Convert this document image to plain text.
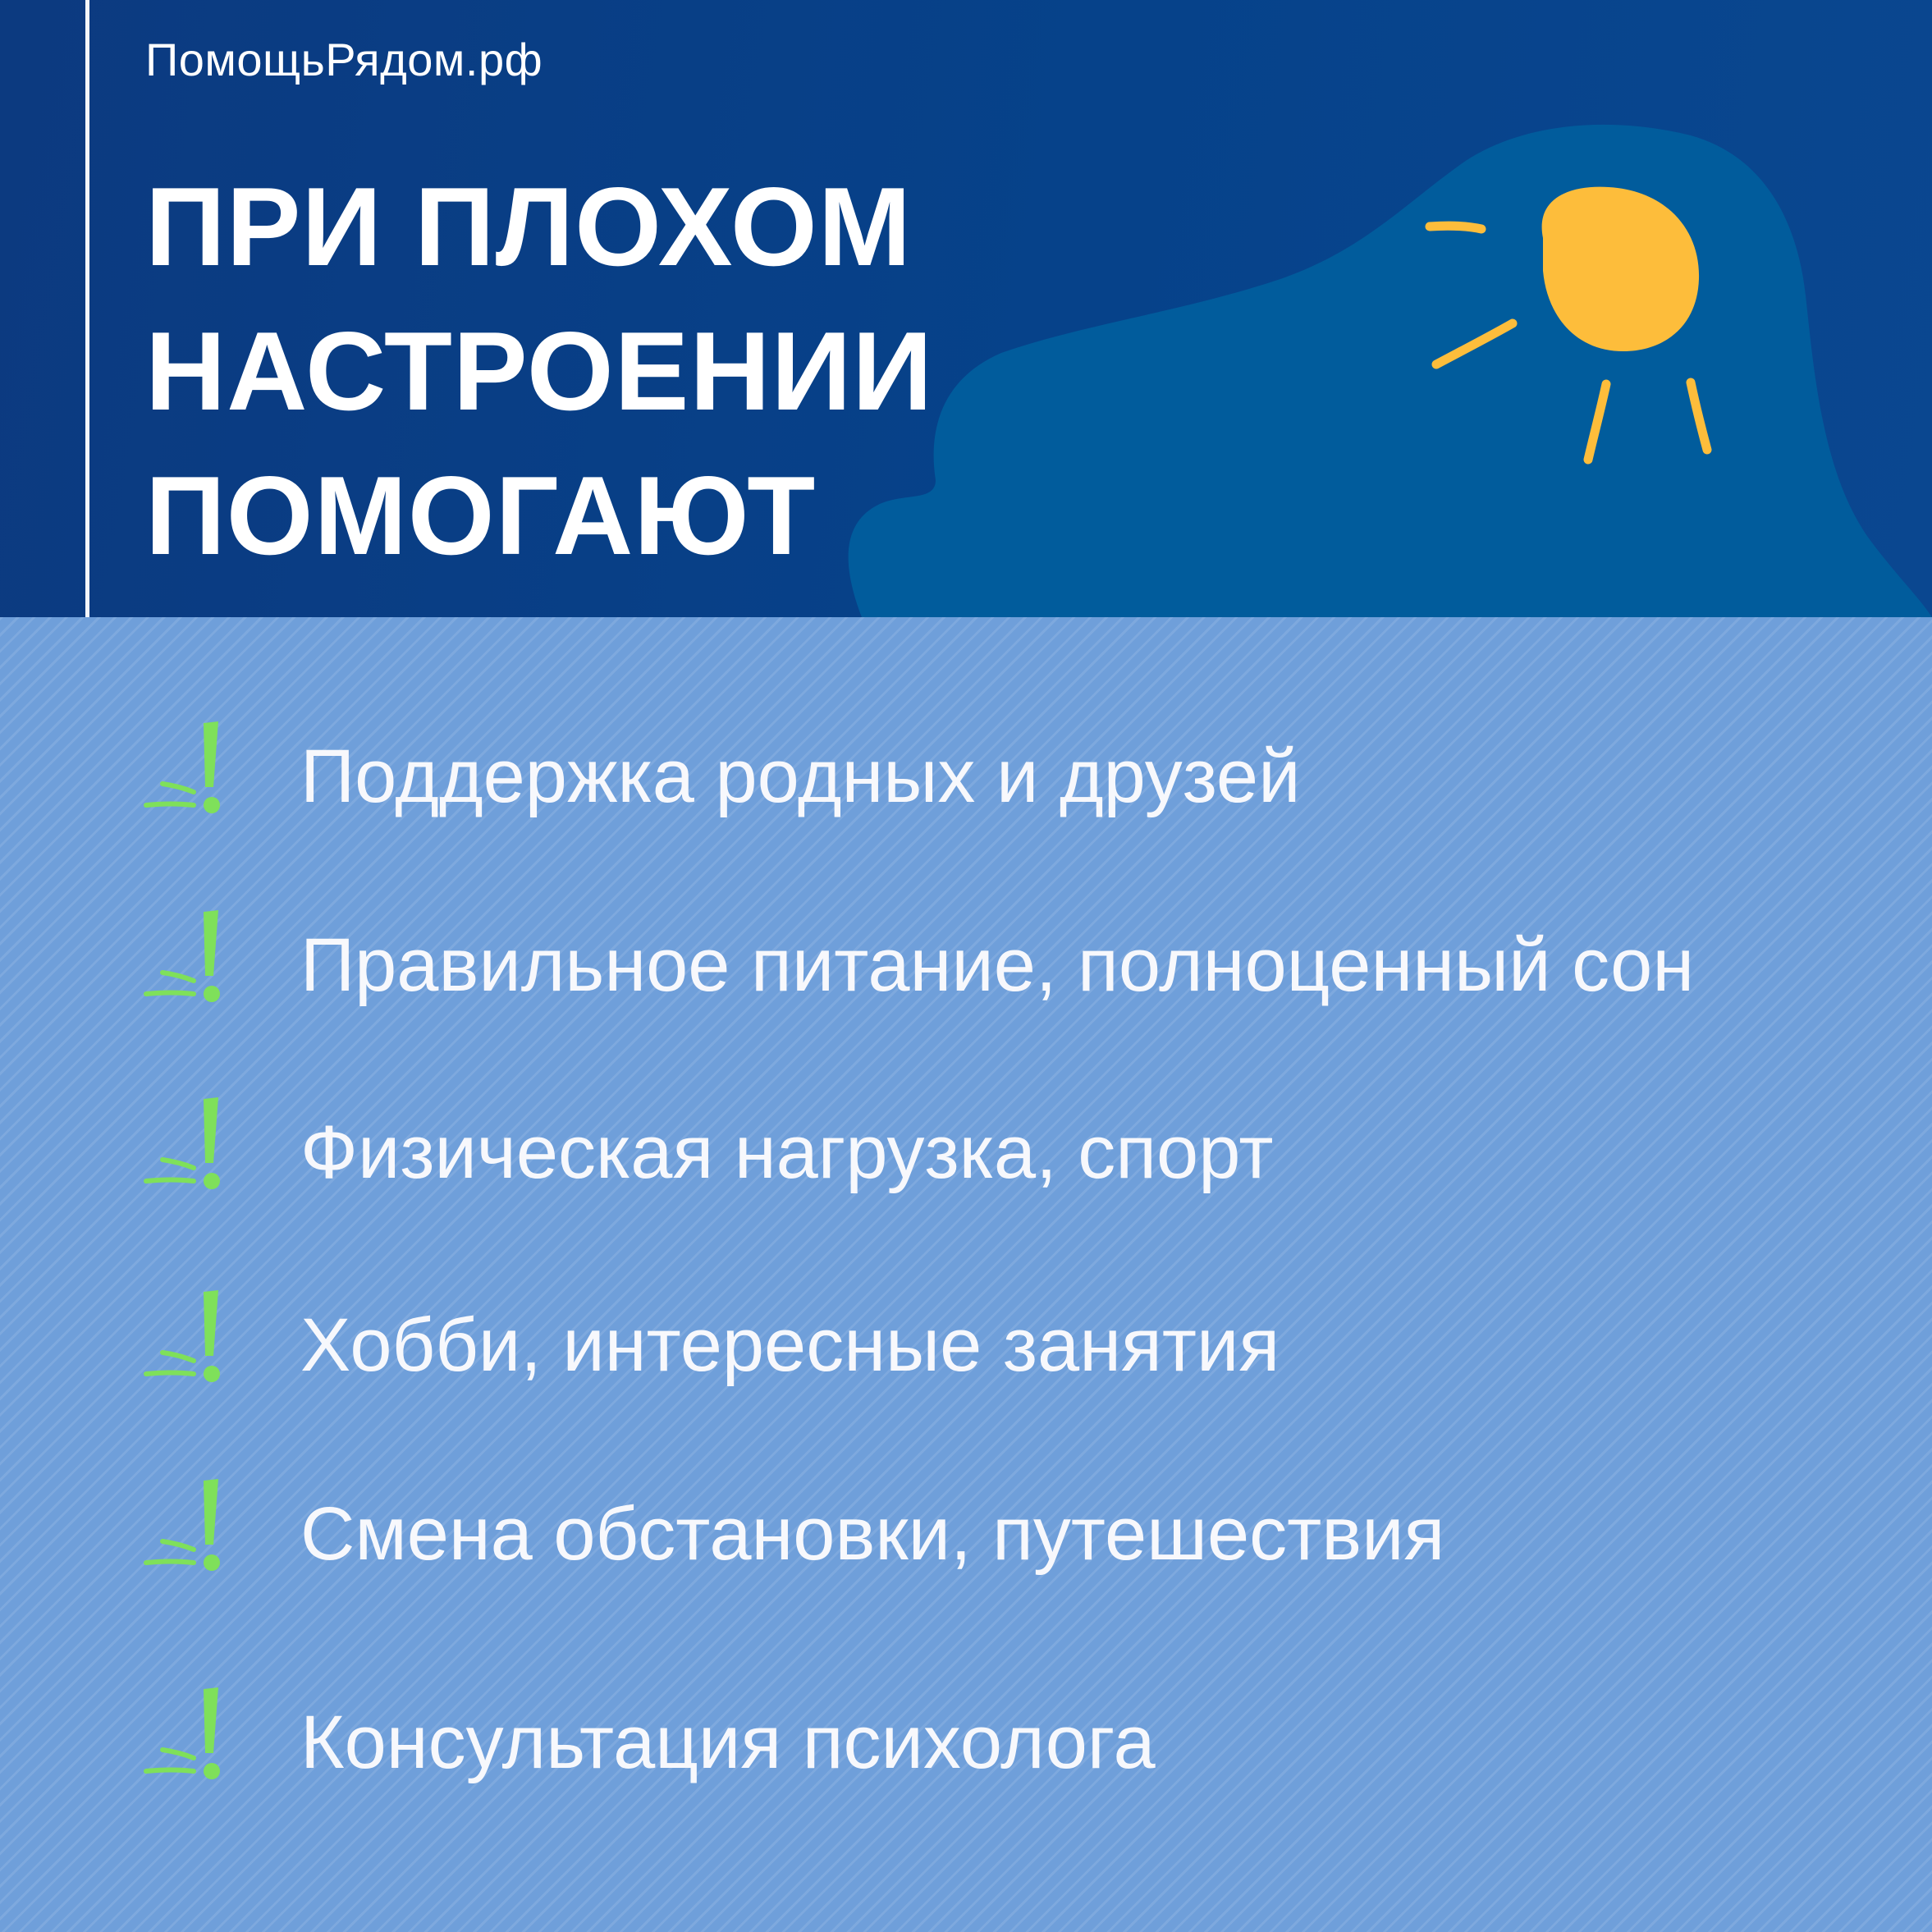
ПомощьРядом.рф
ПРИ ПЛОХОМ
НАСТРОЕНИИ
ПОМОГАЮТ
Поддержка родных и друзей
Правильное питание, полноценный сон
Физическая нагрузка, спорт
Хобби, интересные занятия
Смена обстановки, путешествия
Консультация психолога
